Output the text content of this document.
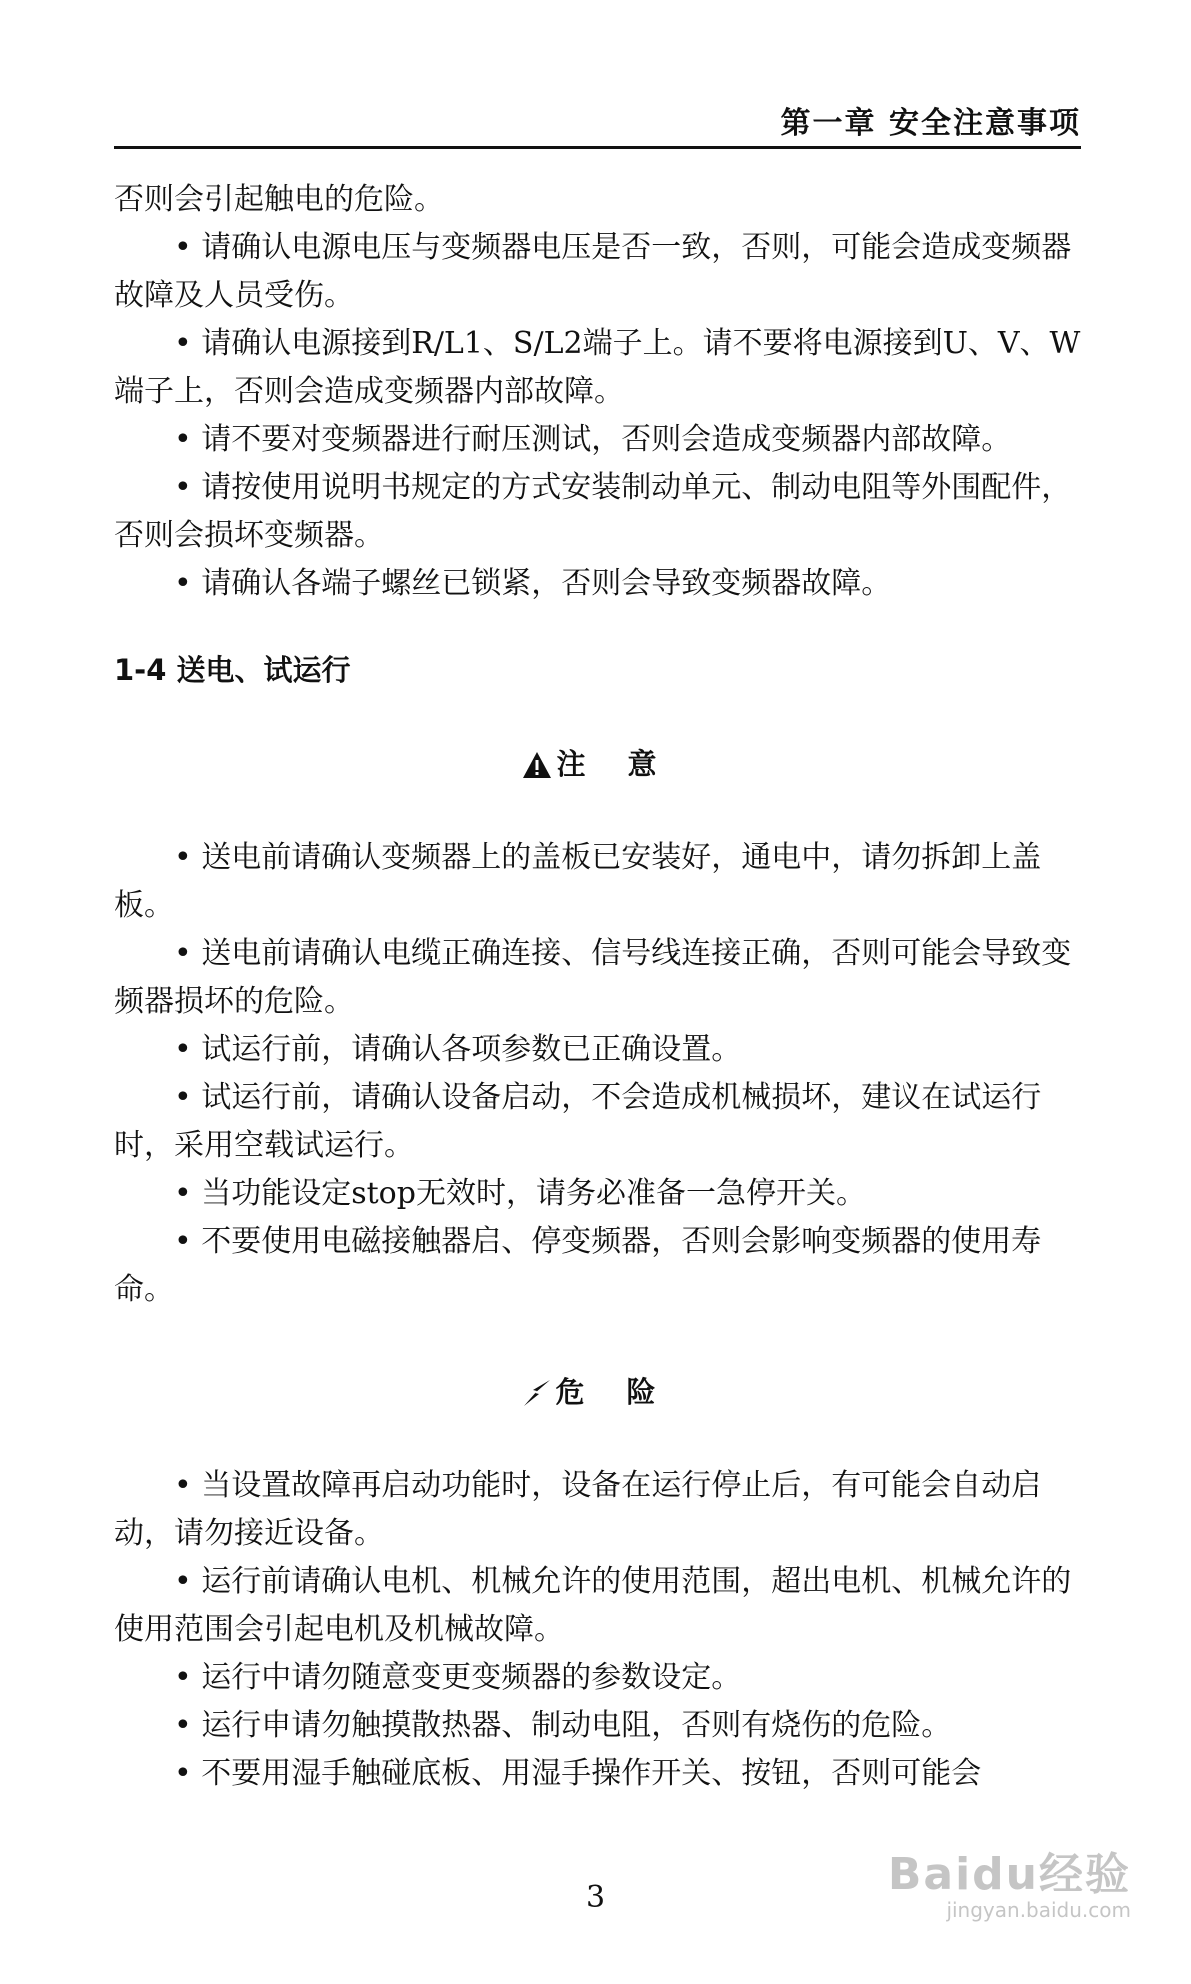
第一章 安全注意事项

否则会引起触电的危险。

• 请确认电源电压与变频器电压是否一致，否则，可能会造成变频器故障及人员受伤。

• 请确认电源接到R/L1、S/L2端子上。请不要将电源接到U、V、W端子上，否则会造成变频器内部故障。

• 请不要对变频器进行耐压测试，否则会造成变频器内部故障。

• 请按使用说明书规定的方式安装制动单元、制动电阻等外围配件，否则会损坏变频器。

• 请确认各端子螺丝已锁紧，否则会导致变频器故障。

1-4 送电、试运行
注 意

• 送电前请确认变频器上的盖板已安装好，通电中，请勿拆卸上盖板。

• 送电前请确认电缆正确连接、信号线连接正确，否则可能会导致变频器损坏的危险。

• 试运行前，请确认各项参数已正确设置。

• 试运行前，请确认设备启动，不会造成机械损坏，建议在试运行时，采用空载试运行。

• 当功能设定stop无效时，请务必准备一急停开关。

• 不要使用电磁接触器启、停变频器，否则会影响变频器的使用寿命。

危 险

• 当设置故障再启动功能时，设备在运行停止后，有可能会自动启动，请勿接近设备。

• 运行前请确认电机、机械允许的使用范围，超出电机、机械允许的使用范围会引起电机及机械故障。

• 运行中请勿随意变更变频器的参数设定。

• 运行申请勿触摸散热器、制动电阻，否则有烧伤的危险。

• 不要用湿手触碰底板、用湿手操作开关、按钮，否则可能会

Baidu经验
jingyan.baidu.com
3
